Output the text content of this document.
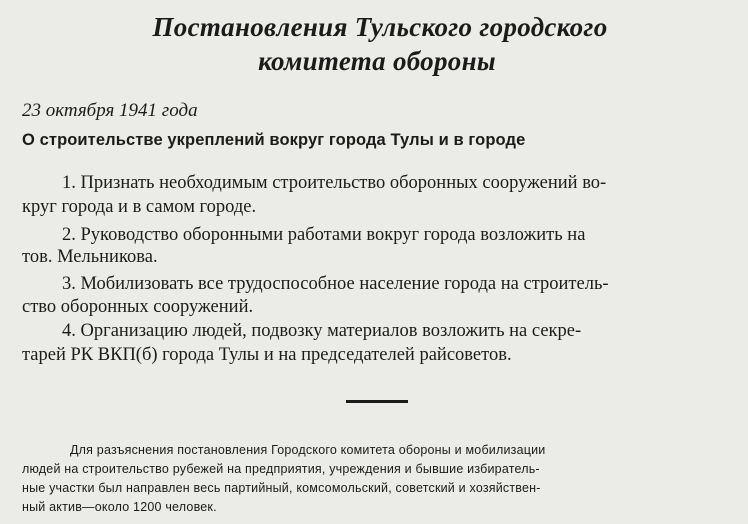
Постановления Тульского городского
комитета обороны
23 октября 1941 года
О строительстве укреплений вокруг города Тулы и в городе
1. Признать необходимым строительство оборонных сооружений во-
круг города и в самом городе.
2. Руководство оборонными работами вокруг города возложить на
тов. Мельникова.
3. Мобилизовать все трудоспособное население города на строитель-
ство оборонных сооружений.
4. Организацию людей, подвозку материалов возложить на секре-
тарей РК ВКП(б) города Тулы и на председателей райсоветов.
Для разъяснения постановления Городского комитета обороны и мобилизации
людей на строительство рубежей на предприятия, учреждения и бывшие избиратель-
ные участки был направлен весь партийный, комсомольский, советский и хозяйствен-
ный актив—около 1200 человек.
